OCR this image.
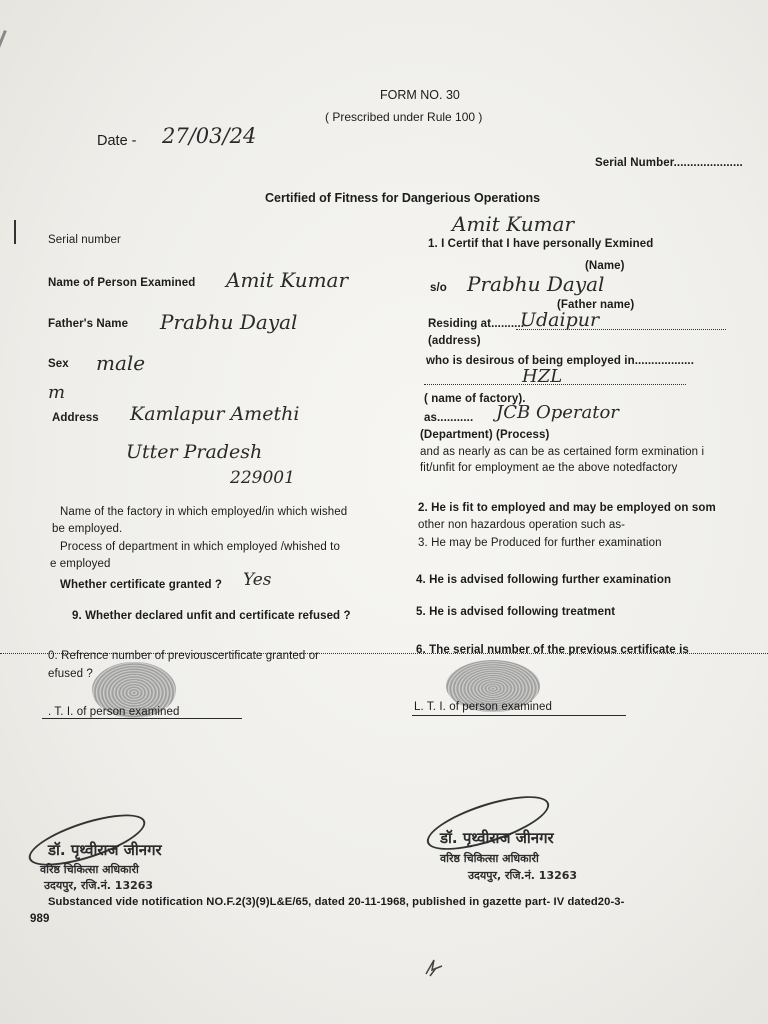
FORM NO. 30
( Prescribed under Rule 100 )
Date - 27/03/24
Serial Number.....................
Certified of Fitness for Dangerious Operations
Serial number
Name of Person Examined Amit Kumar
Father's Name Prabhu Dayal
Sex male
m
Address Kamlapur Amethi
Utter Pradesh
229001
Name of the factory in which employed/in which wished
be employed.
Process of department in which employed /whished to
e employed
Whether certificate granted ? Yes
9. Whether declared unfit and certificate refused ?
0. Refrence number of previouscertificate granted or
efused ?
. T. I. of person examined
Amit Kumar
1. I Certif that I have personally Exmined
(Name)
s/o Prabhu Dayal
(Father name)
Residing at..........
Udaipur
(address)
who is desirous of being employed in..................
HZL
( name of factory).
as........... JCB Operator
(Department) (Process)
and as nearly as can be as certained form exmination i
fit/unfit for employment ae the above notedfactory
2. He is fit to employed and may be employed on som
other non hazardous operation such as-
3. He may be Produced for further examination
4. He is advised following further examination
5. He is advised following treatment
6. The serial number of the previous certificate is
L. T. I. of person examined
डॉ. पृथ्वीराज जीनगर
वरिष्ठ चिकित्सा अधिकारी
उदयपुर, रजि.नं. 13263
डॉ. पृथ्वीराज जीनगर
वरिष्ठ चिकित्सा अधिकारी
उदयपुर, रजि.नं. 13263
Substanced vide notification NO.F.2(3)(9)L&E/65, dated 20-11-1968, published in gazette part- IV dated20-3-
989
